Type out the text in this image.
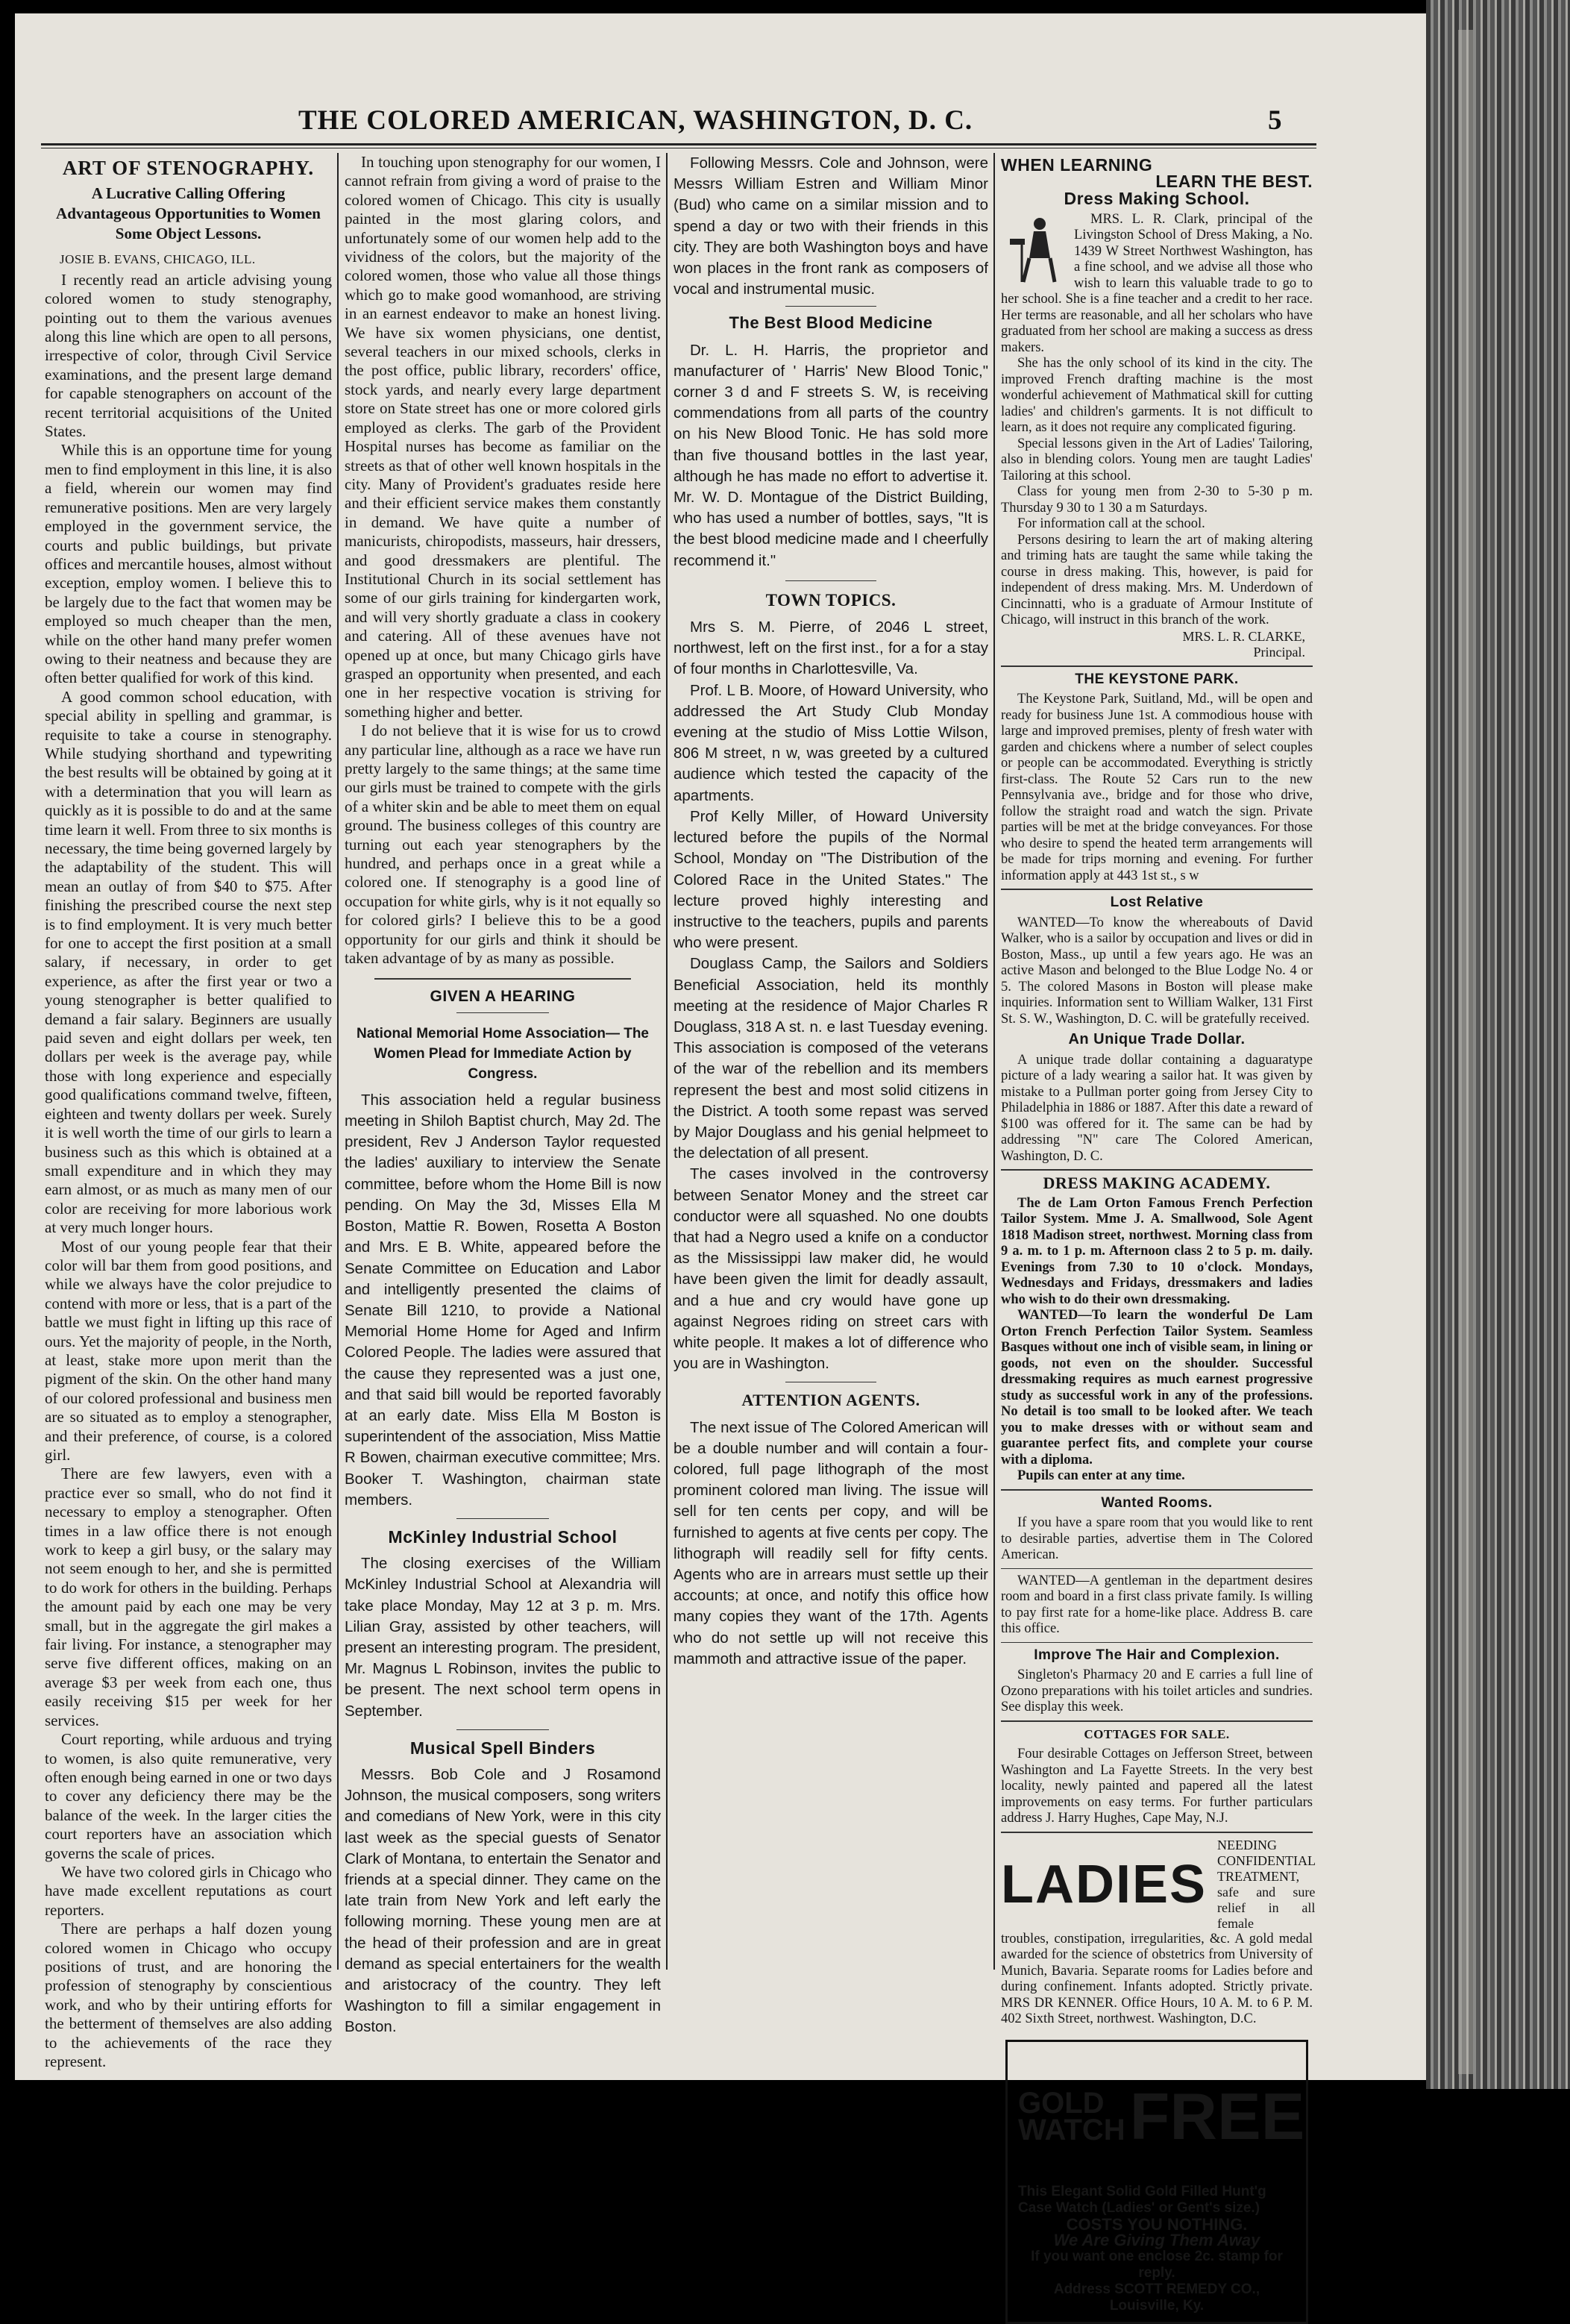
THE COLORED AMERICAN, WASHINGTON, D. C.	5
ART OF STENOGRAPHY.
A Lucrative Calling Offering Advantageous Opportunities to Women Some Object Lessons.
JOSIE B. EVANS, CHICAGO, ILL.

I recently read an article advising young colored women to study stenography, pointing out to them the various avenues along this line which are open to all persons, irrespective of color, through Civil Service examinations, and the present large demand for capable stenographers on account of the recent territorial acquisitions of the United States.

While this is an opportune time for young men to find employment in this line, it is also a field, wherein our women may find remunerative positions. Men are very largely employed in the government service, the courts and public buildings, but private offices and mercantile houses, almost without exception, employ women. I believe this to be largely due to the fact that women may be employed so much cheaper than the men, while on the other hand many prefer women owing to their neatness and because they are often better qualified for work of this kind.

A good common school education, with special ability in spelling and grammar, is requisite to take a course in stenography. While studying shorthand and typewriting the best results will be obtained by going at it with a determination that you will learn as quickly as it is possible to do and at the same time learn it well. From three to six months is necessary, the time being governed largely by the adaptability of the student. This will mean an outlay of from $40 to $75. After finishing the prescribed course the next step is to find employment. It is very much better for one to accept the first position at a small salary, if necessary, in order to get experience, as after the first year or two a young stenographer is better qualified to demand a fair salary. Beginners are usually paid seven and eight dollars per week, ten dollars per week is the average pay, while those with long experience and especially good qualifications command twelve, fifteen, eighteen and twenty dollars per week. Surely it is well worth the time of our girls to learn a business such as this which is obtained at a small expenditure and in which they may earn almost, or as much as many men of our color are receiving for more laborious work at very much longer hours.

Most of our young people fear that their color will bar them from good positions, and while we always have the color prejudice to contend with more or less, that is a part of the battle we must fight in lifting up this race of ours. Yet the majority of people, in the North, at least, stake more upon merit than the pigment of the skin. On the other hand many of our colored professional and business men are so situated as to employ a stenographer, and their preference, of course, is a colored girl.

There are few lawyers, even with a practice ever so small, who do not find it necessary to employ a stenographer. Often times in a law office there is not enough work to keep a girl busy, or the salary may not seem enough to her, and she is permitted to do work for others in the building. Perhaps the amount paid by each one may be very small, but in the aggregate the girl makes a fair living. For instance, a stenographer may serve five different offices, making on an average $3 per week from each one, thus easily receiving $15 per week for her services.

Court reporting, while arduous and trying to women, is also quite remunerative, very often enough being earned in one or two days to cover any deficiency there may be the balance of the week. In the larger cities the court reporters have an association which governs the scale of prices.

We have two colored girls in Chicago who have made excellent reputations as court reporters.

There are perhaps a half dozen young colored women in Chicago who occupy positions of trust, and are honoring the profession of stenography by conscientious work, and who by their untiring efforts for the betterment of themselves are also adding to the achievements of the race they represent.

In touching upon stenography for our women, I cannot refrain from giving a word of praise to the colored women of Chicago. This city is usually painted in the most glaring colors, and unfortunately some of our women help add to the vividness of the colors, but the majority of the colored women, those who value all those things which go to make good womanhood, are striving in an earnest endeavor to make an honest living. We have six women physicians, one dentist, several teachers in our mixed schools, clerks in the post office, public library, recorders' office, stock yards, and nearly every large department store on State street has one or more colored girls employed as clerks. The garb of the Provident Hospital nurses has become as familiar on the streets as that of other well known hospitals in the city. Many of Provident's graduates reside here and their efficient service makes them constantly in demand. We have quite a number of manicurists, chiropodists, masseurs, hair dressers, and good dressmakers are plentiful. The Institutional Church in its social settlement has some of our girls training for kindergarten work, and will very shortly graduate a class in cookery and catering. All of these avenues have not opened up at once, but many Chicago girls have grasped an opportunity when presented, and each one in her respective vocation is striving for something higher and better.

I do not believe that it is wise for us to crowd any particular line, although as a race we have run pretty largely to the same things; at the same time our girls must be trained to compete with the girls of a whiter skin and be able to meet them on equal ground. The business colleges of this country are turning out each year stenographers by the hundred, and perhaps once in a great while a colored one. If stenography is a good line of occupation for white girls, why is it not equally so for colored girls? I believe this to be a good opportunity for our girls and think it should be taken advantage of by as many as possible.

GIVEN A HEARING
National Memorial Home Association— The Women Plead for Immediate Action by Congress.

This association held a regular business meeting in Shiloh Baptist church, May 2d. The president, Rev J Anderson Taylor requested the ladies' auxiliary to interview the Senate committee, before whom the Home Bill is now pending. On May the 3d, Misses Ella M Boston, Mattie R. Bowen, Rosetta A Boston and Mrs. E B. White, appeared before the Senate Committee on Education and Labor and intelligently presented the claims of Senate Bill 1210, to provide a National Memorial Home Home for Aged and Infirm Colored People. The ladies were assured that the cause they represented was a just one, and that said bill would be reported favorably at an early date. Miss Ella M Boston is superintendent of the association, Miss Mattie R Bowen, chairman executive committee; Mrs. Booker T. Washington, chairman state members.

McKinley Industrial School

The closing exercises of the William McKinley Industrial School at Alexandria will take place Monday, May 12 at 3 p. m. Mrs. Lilian Gray, assisted by other teachers, will present an interesting program. The president, Mr. Magnus L Robinson, invites the public to be present. The next school term opens in September.

Musical Spell Binders

Messrs. Bob Cole and J Rosamond Johnson, the musical composers, song writers and comedians of New York, were in this city last week as the special guests of Senator Clark of Montana, to entertain the Senator and friends at a special dinner. They came on the late train from New York and left early the following morning. These young men are at the head of their profession and are in great demand as special entertainers for the wealth and aristocracy of the country. They left Washington to fill a similar engagement in Boston.

Following Messrs. Cole and Johnson, were Messrs William Estren and William Minor (Bud) who came on a similar mission and to spend a day or two with their friends in this city. They are both Washington boys and have won places in the front rank as composers of vocal and instrumental music.

The Best Blood Medicine

Dr. L. H. Harris, the proprietor and manufacturer of ' Harris' New Blood Tonic," corner 3 d and F streets S. W, is receiving commendations from all parts of the country on his New Blood Tonic. He has sold more than five thousand bottles in the last year, although he has made no effort to advertise it. Mr. W. D. Montague of the District Building, who has used a number of bottles, says, "It is the best blood medicine made and I cheerfully recommend it."

TOWN TOPICS.

Mrs S. M. Pierre, of 2046 L street, northwest, left on the first inst., for a for a stay of four months in Charlottesville, Va.

Prof. L B. Moore, of Howard University, who addressed the Art Study Club Monday evening at the studio of Miss Lottie Wilson, 806 M street, n w, was greeted by a cultured audience which tested the capacity of the apartments.

Prof Kelly Miller, of Howard University lectured before the pupils of the Normal School, Monday on "The Distribution of the Colored Race in the United States." The lecture proved highly interesting and instructive to the teachers, pupils and parents who were present.

Douglass Camp, the Sailors and Soldiers Beneficial Association, held its monthly meeting at the residence of Major Charles R Douglass, 318 A st. n. e last Tuesday evening. This association is composed of the veterans of the war of the rebellion and its members represent the best and most solid citizens in the District. A tooth some repast was served by Major Douglass and his genial helpmeet to the delectation of all present.

The cases involved in the controversy between Senator Money and the street car conductor were all squashed. No one doubts that had a Negro used a knife on a conductor as the Mississippi law maker did, he would have been given the limit for deadly assault, and a hue and cry would have gone up against Negroes riding on street cars with white people. It makes a lot of difference who you are in Washington.

ATTENTION AGENTS.

The next issue of The Colored American will be a double number and will contain a four-colored, full page lithograph of the most prominent colored man living. The issue will sell for ten cents per copy, and will be furnished to agents at five cents per copy. The lithograph will readily sell for fifty cents. Agents who are in arrears must settle up their accounts; at once, and notify this office how many copies they want of the 17th. Agents who do not settle up will not receive this mammoth and attractive issue of the paper.

WHEN LEARNING
LEARN THE BEST.
Dress Making School.

MRS. L. R. Clark, principal of the Livingston School of Dress Making, a No. 1439 W Street Northwest Washington, has a fine school, and we advise all those who wish to learn this valuable trade to go to her school. She is a fine teacher and a credit to her race. Her terms are reasonable, and all her scholars who have graduated from her school are making a success as dress makers.

She has the only school of its kind in the city. The improved French drafting machine is the most wonderful achievement of Mathmatical skill for cutting ladies' and children's garments. It is not difficult to learn, as it does not require any complicated figuring.

Special lessons given in the Art of Ladies' Tailoring, also in blending colors. Young men are taught Ladies' Tailoring at this school.

Class for young men from 2-30 to 5-30 p m. Thursday 9 30 to 1 30 a m Saturdays.

For information call at the school.

Persons desiring to learn the art of making altering and triming hats are taught the same while taking the course in dress making. This, however, is paid for independent of dress making. Mrs. M. Underdown of Cincinnatti, who is a graduate of Armour Institute of Chicago, will instruct in this branch of the work.

MRS. L. R. CLARKE,
Principal.
THE KEYSTONE PARK.

The Keystone Park, Suitland, Md., will be open and ready for business June 1st. A commodious house with large and improved premises, plenty of fresh water with garden and chickens where a number of select couples or people can be accommodated. Everything is strictly first-class. The Route 52 Cars run to the new Pennsylvania ave., bridge and for those who drive, follow the straight road and watch the sign. Private parties will be met at the bridge conveyances. For those who desire to spend the heated term arrangements will be made for trips morning and evening. For further information apply at 443 1st st., s w

Lost Relative

WANTED—To know the whereabouts of David Walker, who is a sailor by occupation and lives or did in Boston, Mass., up until a few years ago. He was an active Mason and belonged to the Blue Lodge No. 4 or 5. The colored Masons in Boston will please make inquiries. Information sent to William Walker, 131 First St. S. W., Washington, D. C. will be gratefully received.

An Unique Trade Dollar.

A unique trade dollar containing a daguaratype picture of a lady wearing a sailor hat. It was given by mistake to a Pullman porter going from Jersey City to Philadelphia in 1886 or 1887. After this date a reward of $100 was offered for it. The same can be had by addressing "N" care The Colored American, Washington, D. C.

DRESS MAKING ACADEMY.

The de Lam Orton Famous French Perfection Tailor System. Mme J. A. Smallwood, Sole Agent 1818 Madison street, northwest. Morning class from 9 a. m. to 1 p. m. Afternoon class 2 to 5 p. m. daily. Evenings from 7.30 to 10 o'clock. Mondays, Wednesdays and Fridays, dressmakers and ladies who wish to do their own dressmaking.

WANTED—To learn the wonderful De Lam Orton French Perfection Tailor System. Seamless Basques without one inch of visible seam, in lining or goods, not even on the shoulder. Successful dressmaking requires as much earnest progressive study as successful work in any of the professions. No detail is too small to be looked after. We teach you to make dresses with or without seam and guarantee perfect fits, and complete your course with a diploma.

Pupils can enter at any time.

Wanted Rooms.

If you have a spare room that you would like to rent to desirable parties, advertise them in The Colored American.

WANTED—A gentleman in the department desires room and board in a first class private family. Is willing to pay first rate for a home-like place. Address B. care this office.

Improve The Hair and Complexion.

Singleton's Pharmacy 20 and E carries a full line of Ozono preparations with his toilet articles and sundries. See display this week.

COTTAGES FOR SALE.

Four desirable Cottages on Jefferson Street, between Washington and La Fayette Streets. In the very best locality, newly painted and papered all the latest improvements on easy terms. For further particulars address J. Harry Hughes, Cape May, N.J.

LADIES
NEEDING CONFIDENTIAL TREATMENT, safe and sure relief in all female

troubles, constipation, irregularities, &c. A gold medal awarded for the science of obstetrics from University of Munich, Bavaria. Separate rooms for Ladies before and during confinement. Infants adopted. Strictly private. MRS DR KENNER. Office Hours, 10 A. M. to 6 P. M. 402 Sixth Street, northwest. Washington, D.C.

GOLD
WATCH FREE
This Elegant Solid Gold Filled Hunt'g Case Watch (Ladies' or Gent's size.)
COSTS YOU NOTHING.
We Are Giving Them Away
If you want one enclose 2c. stamp for reply.
Address SCOTT REMEDY CO., Louisville, Ky.
